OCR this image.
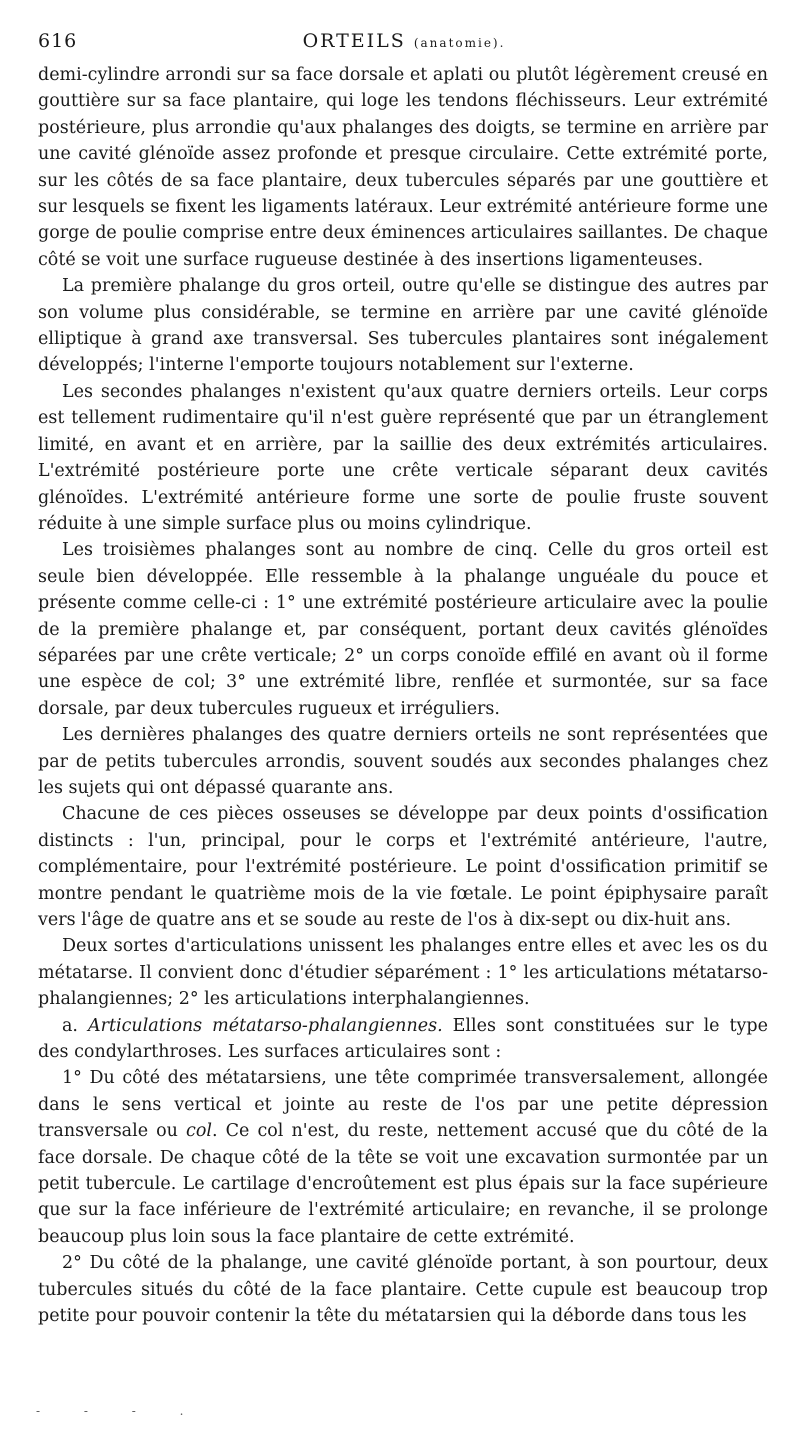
616	ORTEILS (anatomie).

demi-cylindre arrondi sur sa face dorsale et aplati ou plutôt légèrement creusé en gouttière sur sa face plantaire, qui loge les tendons fléchisseurs. Leur extrémité postérieure, plus arrondie qu'aux phalanges des doigts, se termine en arrière par une cavité glénoïde assez profonde et presque circulaire. Cette extrémité porte, sur les côtés de sa face plantaire, deux tubercules séparés par une gouttière et sur lesquels se fixent les ligaments latéraux. Leur extrémité antérieure forme une gorge de poulie comprise entre deux éminences articulaires saillantes. De chaque côté se voit une surface rugueuse destinée à des insertions ligamenteuses.

La première phalange du gros orteil, outre qu'elle se distingue des autres par son volume plus considérable, se termine en arrière par une cavité glénoïde elliptique à grand axe transversal. Ses tubercules plantaires sont inégalement développés; l'interne l'emporte toujours notablement sur l'externe.

Les secondes phalanges n'existent qu'aux quatre derniers orteils. Leur corps est tellement rudimentaire qu'il n'est guère représenté que par un étranglement limité, en avant et en arrière, par la saillie des deux extrémités articulaires. L'extrémité postérieure porte une crête verticale séparant deux cavités glénoïdes. L'extrémité antérieure forme une sorte de poulie fruste souvent réduite à une simple surface plus ou moins cylindrique.

Les troisièmes phalanges sont au nombre de cinq. Celle du gros orteil est seule bien développée. Elle ressemble à la phalange unguéale du pouce et présente comme celle-ci : 1° une extrémité postérieure articulaire avec la poulie de la première phalange et, par conséquent, portant deux cavités glénoïdes séparées par une crête verticale; 2° un corps conoïde effilé en avant où il forme une espèce de col; 3° une extrémité libre, renflée et surmontée, sur sa face dorsale, par deux tubercules rugueux et irréguliers.

Les dernières phalanges des quatre derniers orteils ne sont représentées que par de petits tubercules arrondis, souvent soudés aux secondes phalanges chez les sujets qui ont dépassé quarante ans.

Chacune de ces pièces osseuses se développe par deux points d'ossification distincts : l'un, principal, pour le corps et l'extrémité antérieure, l'autre, complémentaire, pour l'extrémité postérieure. Le point d'ossification primitif se montre pendant le quatrième mois de la vie fœtale. Le point épiphysaire paraît vers l'âge de quatre ans et se soude au reste de l'os à dix-sept ou dix-huit ans.

Deux sortes d'articulations unissent les phalanges entre elles et avec les os du métatarse. Il convient donc d'étudier séparément : 1° les articulations métatarso-phalangiennes; 2° les articulations interphalangiennes.

a. Articulations métatarso-phalangiennes. Elles sont constituées sur le type des condylarthroses. Les surfaces articulaires sont :

1° Du côté des métatarsiens, une tête comprimée transversalement, allongée dans le sens vertical et jointe au reste de l'os par une petite dépression transversale ou col. Ce col n'est, du reste, nettement accusé que du côté de la face dorsale. De chaque côté de la tête se voit une excavation surmontée par un petit tubercule. Le cartilage d'encroûtement est plus épais sur la face supérieure que sur la face inférieure de l'extrémité articulaire; en revanche, il se prolonge beaucoup plus loin sous la face plantaire de cette extrémité.

2° Du côté de la phalange, une cavité glénoïde portant, à son pourtour, deux tubercules situés du côté de la face plantaire. Cette cupule est beaucoup trop petite pour pouvoir contenir la tête du métatarsien qui la déborde dans tous les

- - - .
